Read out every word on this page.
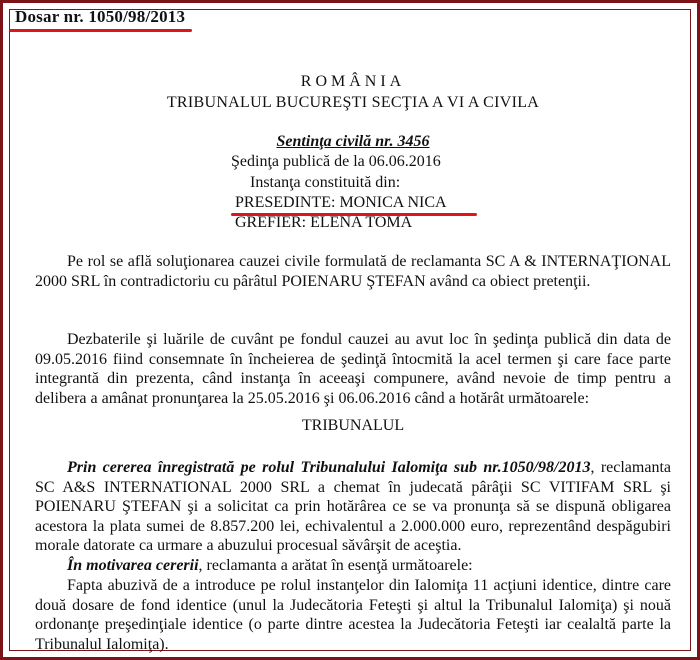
Dosar nr. 1050/98/2013
ROMÂNIA
TRIBUNALUL BUCUREŞTI SECŢIA A VI A CIVILA
Sentinţa civilă nr. 3456
Şedinţa publică de la 06.06.2016
Instanţa constituită din:
PRESEDINTE: MONICA NICA
GREFIER: ELENA TOMA

Pe rol se află soluţionarea cauzei civile formulată de reclamanta SC A & INTERNAŢIONAL 2000 SRL în contradictoriu cu pârâtul POIENARU ŞTEFAN având ca obiect pretenţii.

Dezbaterile şi luările de cuvânt pe fondul cauzei au avut loc în şedinţa publică din data de 09.05.2016 fiind consemnate în încheierea de şedinţă întocmită la acel termen şi care face parte integrantă din prezenta, când instanţa în aceeaşi compunere, având nevoie de timp pentru a delibera a amânat pronunţarea la 25.05.2016 şi 06.06.2016 când a hotărât următoarele:

TRIBUNALUL

Prin cererea înregistrată pe rolul Tribunalului Ialomiţa sub nr.1050/98/2013, reclamanta SC A&S INTERNATIONAL 2000 SRL a chemat în judecată pârâţii SC VITIFAM SRL şi POIENARU ŞTEFAN şi a solicitat ca prin hotărârea ce se va pronunţa să se dispună obligarea acestora la plata sumei de 8.857.200 lei, echivalentul a 2.000.000 euro, reprezentând despăgubiri morale datorate ca urmare a abuzului procesual săvârşit de aceştia.

În motivarea cererii, reclamanta a arătat în esenţă următoarele:

Fapta abuzivă de a introduce pe rolul instanţelor din Ialomiţa 11 acţiuni identice, dintre care două dosare de fond identice (unul la Judecătoria Feteşti şi altul la Tribunalul Ialomiţa) şi nouă ordonanţe preşedinţiale identice (o parte dintre acestea la Judecătoria Feteşti iar cealaltă parte la Tribunalul Ialomiţa).
